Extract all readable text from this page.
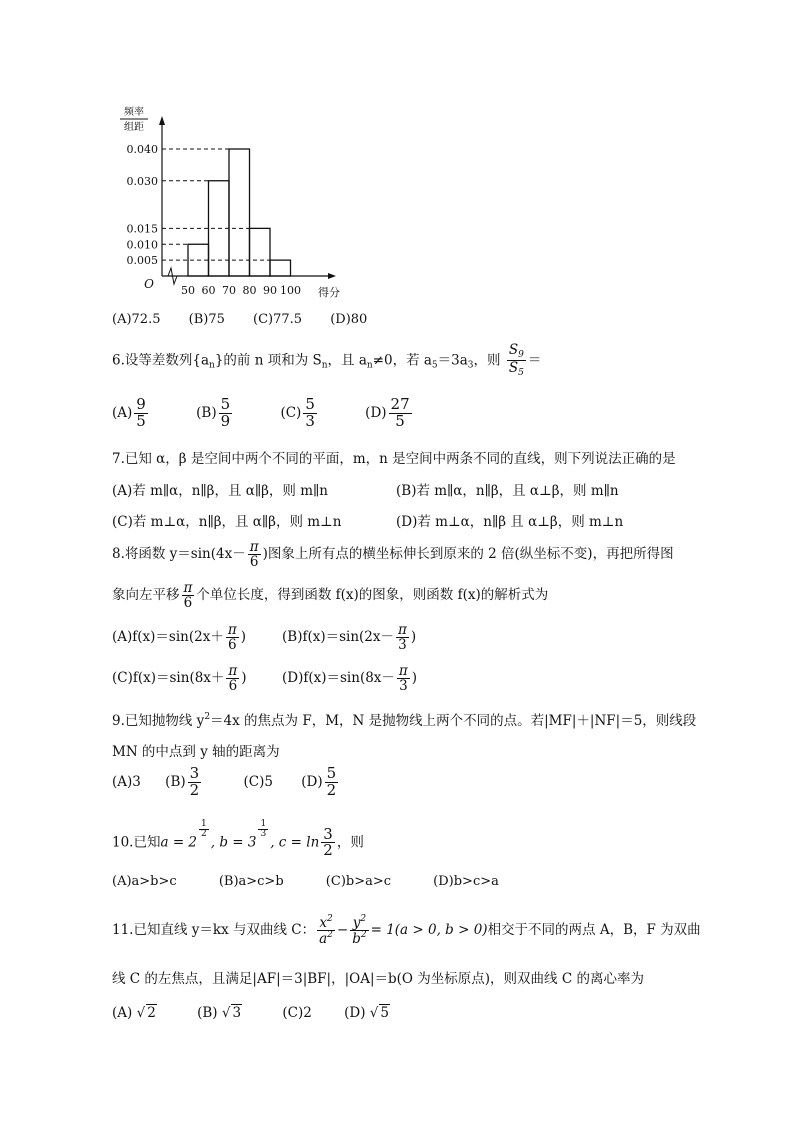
0.040
0.030
0.015
0.010
0.005
50 60 70 80 90 100
O
得分
频率
组距
(A)72.5 (B)75 (C)77.5 (D)80
6.设等差数列$\{a_n\}$的前 n 项和为 $S_n$，且 $a_n\ne 0$，若 $a_5=3a_3$，则 $\frac{S_9}{S_5}$ ＝
$(A) \frac{9}{5}$	$(B) \frac{5}{9}$	$(C) \frac{5}{3}$	$(D) \frac{27}{5}$
7.已知 α，β 是空间中两个不同的平面，m，n 是空间中两条不同的直线，则下列说法正确的是
(A)若 m∥α，n∥β，且 α∥β，则 m∥n	(B)若 m∥α，n∥β，且 α⊥β，则 m∥n
(C)若 m⊥α，n∥β，且 α∥β，则 m⊥n	(D)若 m⊥α，n∥β 且 α⊥β，则 m⊥n
8.将函数 $y=\sin(4x- \frac{\pi}{6}$ )图象上所有点的横坐标伸长到原来的 2 倍(纵坐标不变)，再把所得图
象向左平移 $\frac{\pi}{6}$ 个单位长度，得到函数 f(x)的图象，则函数 f(x)的解析式为
$(A)f(x)=\sin(2x+ \frac{\pi}{6}$ )	$(B)f(x)=\sin(2x- \frac{\pi}{3}$ )
$(C)f(x)=\sin(8x+ \frac{\pi}{6}$ )	$(D)f(x)=\sin(8x- \frac{\pi}{3}$ )
9.已知抛物线 $y^2=4x$ 的焦点为 F，M，N 是抛物线上两个不同的点。若|MF|＋|NF|＝5，则线段
MN 的中点到 y 轴的距离为
(A)3 $(B) \frac{3}{2}$	(C)5 $(D) \frac{5}{2}$
10.已知a = 2
$\frac{1}{2}$
, b = 3
$\frac{1}{3}$
, $c = \ln \frac{3}{2}$ ，则
(A)a>b>c	(B)a>c>b	(C)b>a>c	(D)b>c>a
11.已知直线 y＝kx 与双曲线 C： $\frac{x^2}{a^2} - \frac{y^2}{b^2} = 1(a > 0$, b > 0)相交于不同的两点 A，B，F 为双曲
线 C 的左焦点，且满足|AF|＝3|BF|，|OA|＝b(O 为坐标原点)，则双曲线 C 的离心率为
(A) √ 2	(B) √ 3	(C)2 (D) √ 5
